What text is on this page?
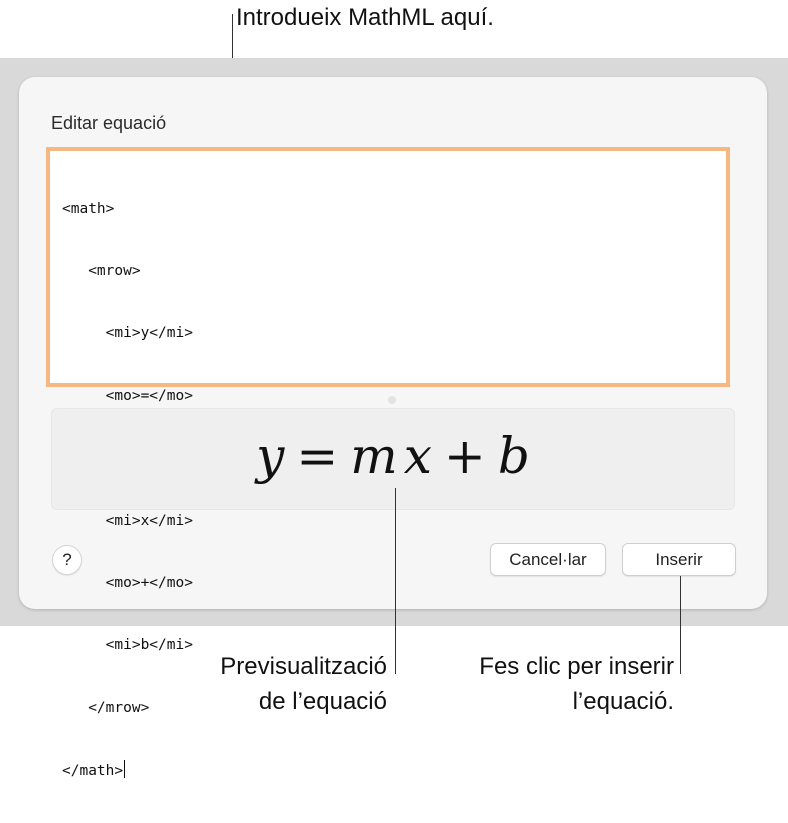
Introdueix MathML aquí.
Editar equació

<math>

<mrow>

<mi>y</mi>

<mo>=</mo>

<mi>x</mi>

<mo>+</mo>

<mi>b</mi>

</mrow>

</math>

y = m x + b
?	Cancel·lar	Inserir
Previsualització
de l’equació
Fes clic per inserir
l’equació.
